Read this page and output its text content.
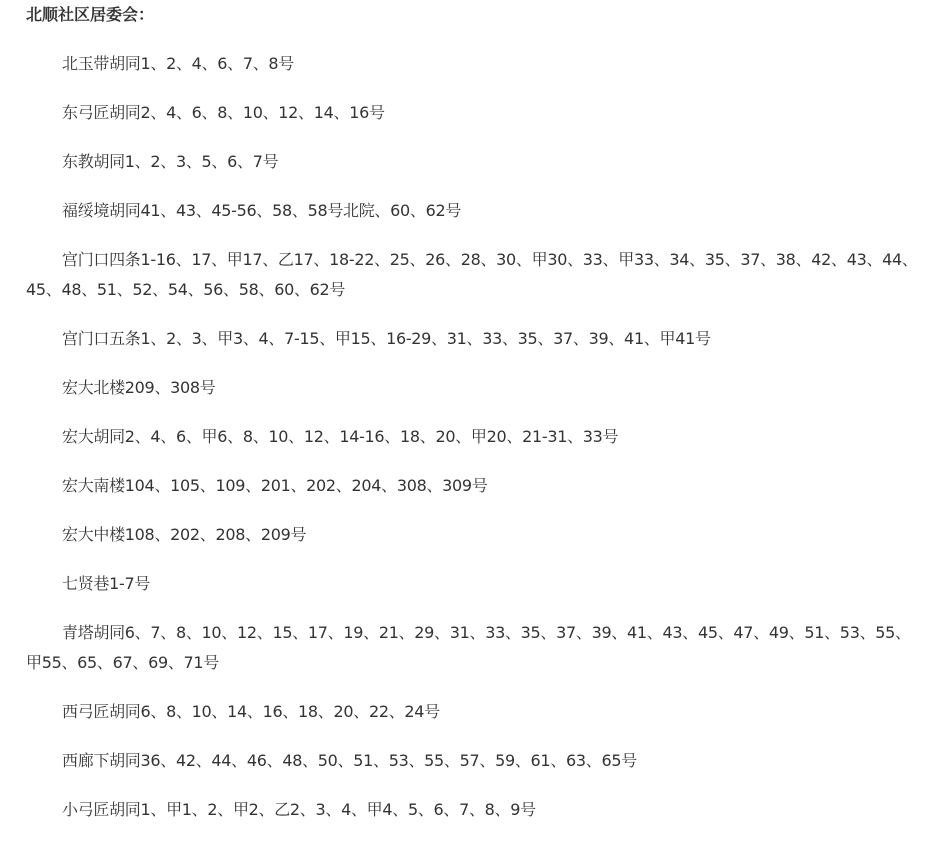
北顺社区居委会：
北玉带胡同1、2、4、6、7、8号
东弓匠胡同2、4、6、8、10、12、14、16号
东教胡同1、2、3、5、6、7号
福绥境胡同41、43、45-56、58、58号北院、60、62号
宫门口四条1-16、17、甲17、乙17、18-22、25、26、28、30、甲30、33、甲33、34、35、37、38、42、43、44、45、48、51、52、54、56、58、60、62号
宫门口五条1、2、3、甲3、4、7-15、甲15、16-29、31、33、35、37、39、41、甲41号
宏大北楼209、308号
宏大胡同2、4、6、甲6、8、10、12、14-16、18、20、甲20、21-31、33号
宏大南楼104、105、109、201、202、204、308、309号
宏大中楼108、202、208、209号
七贤巷1-7号
青塔胡同6、7、8、10、12、15、17、19、21、29、31、33、35、37、39、41、43、45、47、49、51、53、55、甲55、65、67、69、71号
西弓匠胡同6、8、10、14、16、18、20、22、24号
西廊下胡同36、42、44、46、48、50、51、53、55、57、59、61、63、65号
小弓匠胡同1、甲1、2、甲2、乙2、3、4、甲4、5、6、7、8、9号
